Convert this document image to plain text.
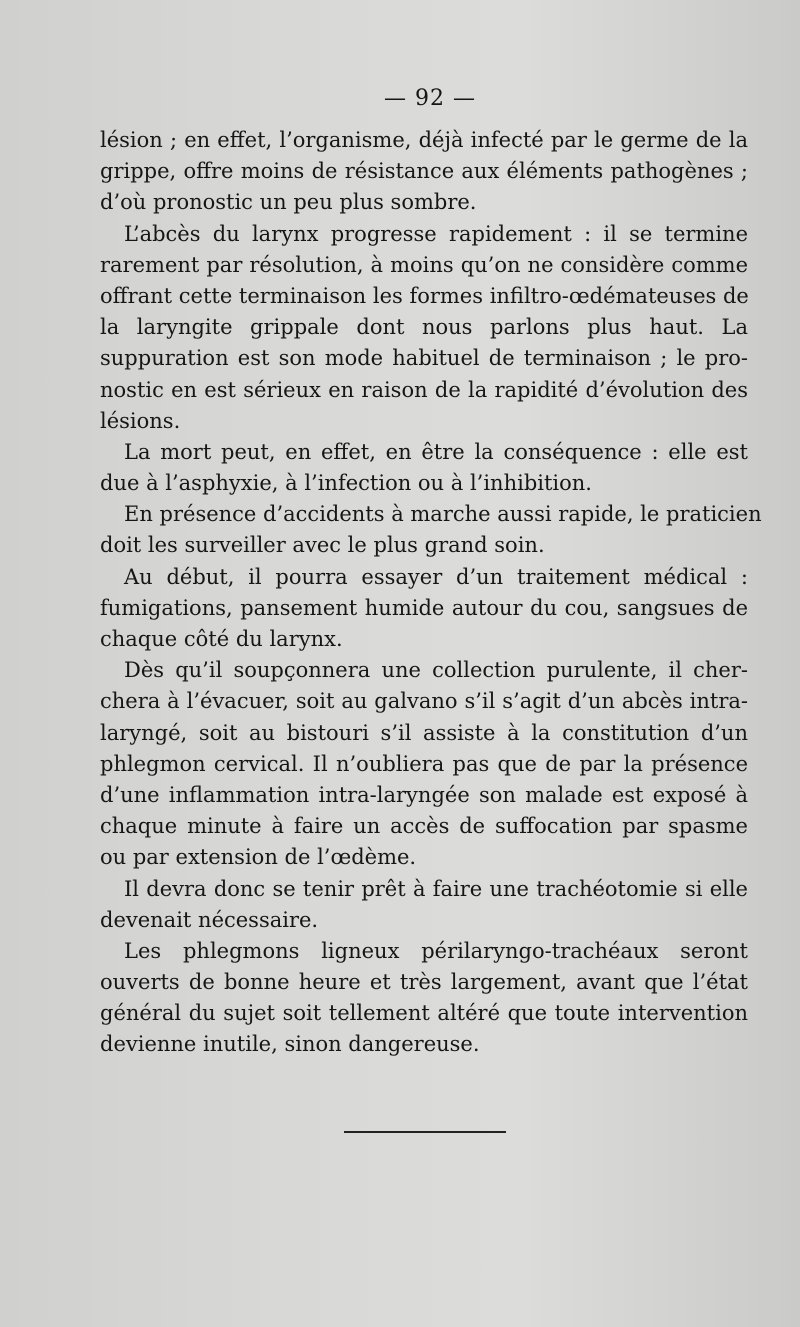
— 92 —

lésion ; en effet, l’organisme, déjà infecté par le germe de la
grippe, offre moins de résistance aux éléments pathogènes ;
d’où pronostic un peu plus sombre.

L’abcès du larynx progresse rapidement : il se termine
rarement par résolution, à moins qu’on ne considère comme
offrant cette terminaison les formes infiltro-œdémateuses de
la laryngite grippale dont nous parlons plus haut. La
suppuration est son mode habituel de terminaison ; le pro-
nostic en est sérieux en raison de la rapidité d’évolution des
lésions.

La mort peut, en effet, en être la conséquence : elle est
due à l’asphyxie, à l’infection ou à l’inhibition.

En présence d’accidents à marche aussi rapide, le praticien
doit les surveiller avec le plus grand soin.

Au début, il pourra essayer d’un traitement médical :
fumigations, pansement humide autour du cou, sangsues de
chaque côté du larynx.

Dès qu’il soupçonnera une collection purulente, il cher-
chera à l’évacuer, soit au galvano s’il s’agit d’un abcès intra-
laryngé, soit au bistouri s’il assiste à la constitution d’un
phlegmon cervical. Il n’oubliera pas que de par la présence
d’une inflammation intra-laryngée son malade est exposé à
chaque minute à faire un accès de suffocation par spasme
ou par extension de l’œdème.

Il devra donc se tenir prêt à faire une trachéotomie si elle
devenait nécessaire.

Les phlegmons ligneux périlaryngo-trachéaux seront
ouverts de bonne heure et très largement, avant que l’état
général du sujet soit tellement altéré que toute intervention
devienne inutile, sinon dangereuse.
